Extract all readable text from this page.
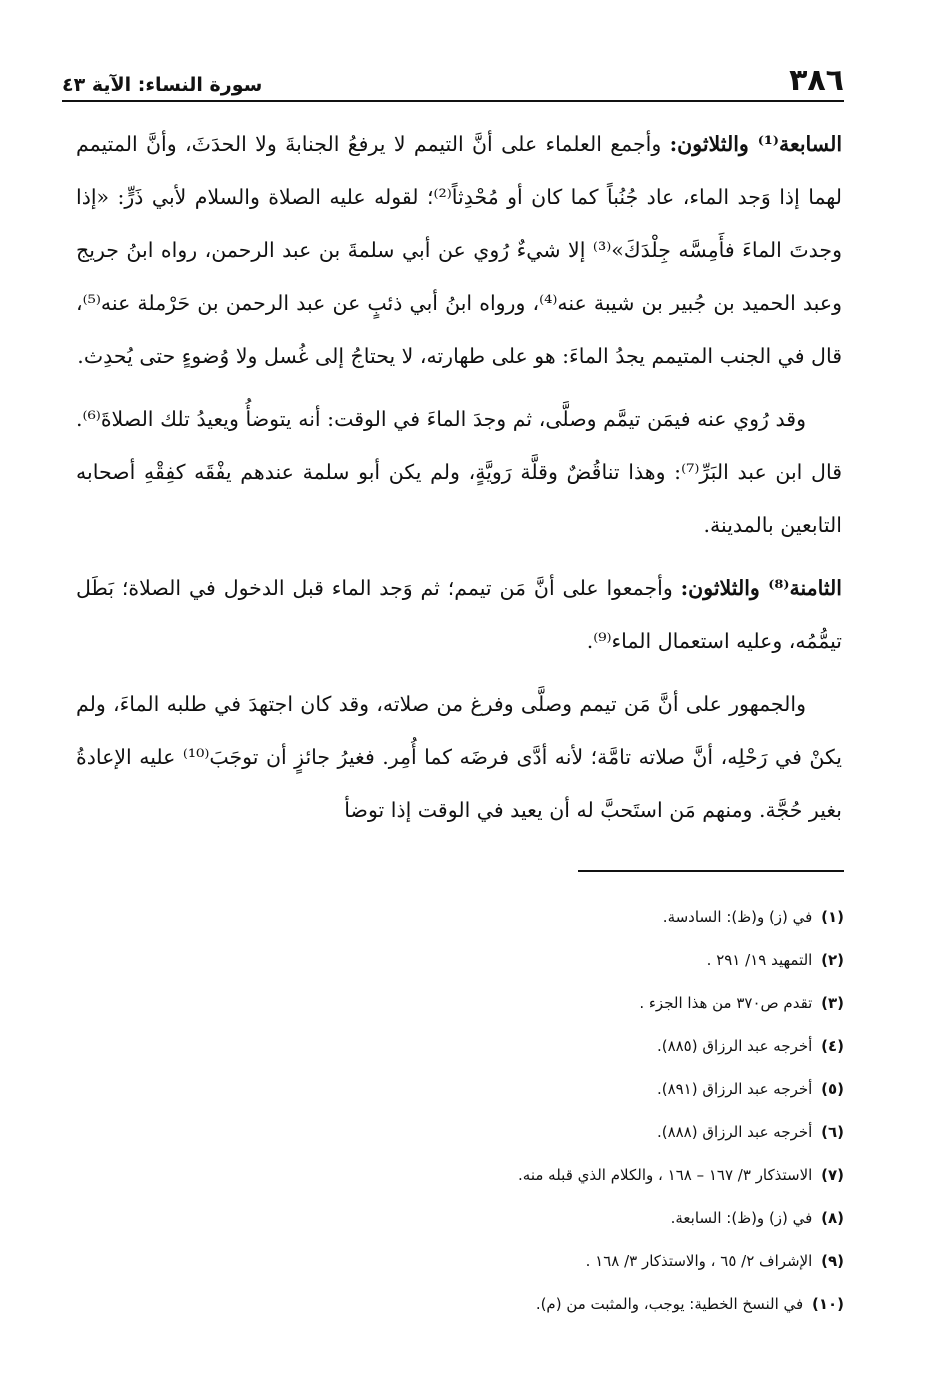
٣٨٦
سورة النساء: الآية ٤٣

السابعة⁽¹⁾ والثلاثون: وأجمع العلماء على أنَّ التيمم لا يرفعُ الجنابةَ ولا الحدَثَ، وأنَّ المتيمم لهما إذا وَجد الماء، عاد جُنُباً كما كان أو مُحْدِثاً⁽²⁾؛ لقوله عليه الصلاة والسلام لأبي ذَرٍّ: «إذا وجدتَ الماءَ فأَمِسَّه جِلْدَكَ»⁽³⁾ إلا شيءٌ رُوي عن أبي سلمةَ بن عبد الرحمن، رواه ابنُ جريج وعبد الحميد بن جُبير بن شيبة عنه⁽⁴⁾، ورواه ابنُ أبي ذئبٍ عن عبد الرحمن بن حَرْملة عنه⁽⁵⁾، قال في الجنب المتيمم يجدُ الماءَ: هو على طهارته، لا يحتاجُ إلى غُسل ولا وُضوءٍ حتى يُحدِث.

وقد رُوي عنه فيمَن تيمَّم وصلَّى، ثم وجدَ الماءَ في الوقت: أنه يتوضأُ ويعيدُ تلك الصلاةَ⁽⁶⁾. قال ابن عبد البَرِّ⁽⁷⁾: وهذا تناقُضٌ وقلَّة رَويَّةٍ، ولم يكن أبو سلمة عندهم يفْقَه كفِقْهِ أصحابه التابعين بالمدينة.

الثامنة⁽⁸⁾ والثلاثون: وأجمعوا على أنَّ مَن تيمم؛ ثم وَجد الماء قبل الدخول في الصلاة؛ بَطَل تيمُّمُه، وعليه استعمال الماء⁽⁹⁾.

والجمهور على أنَّ مَن تيمم وصلَّى وفرغ من صلاته، وقد كان اجتهدَ في طلبه الماءَ، ولم يكنْ في رَحْلِه، أنَّ صلاته تامَّة؛ لأنه أدَّى فرضَه كما أُمِر. فغيرُ جائزٍ أن توجَبَ⁽¹⁰⁾ عليه الإعادةُ بغير حُجَّة. ومنهم مَن استَحبَّ له أن يعيد في الوقت إذا توضأ

(١) في (ز) و(ظ): السادسة.
(٢) التمهيد ١٩/ ٢٩١ .
(٣) تقدم ص٣٧٠ من هذا الجزء .
(٤) أخرجه عبد الرزاق (٨٨٥).
(٥) أخرجه عبد الرزاق (٨٩١).
(٦) أخرجه عبد الرزاق (٨٨٨).
(٧) الاستذكار ٣/ ١٦٧ – ١٦٨ ، والكلام الذي قبله منه.
(٨) في (ز) و(ظ): السابعة.
(٩) الإشراف ٢/ ٦٥ ، والاستذكار ٣/ ١٦٨ .
(١٠) في النسخ الخطية: يوجب، والمثبت من (م).
